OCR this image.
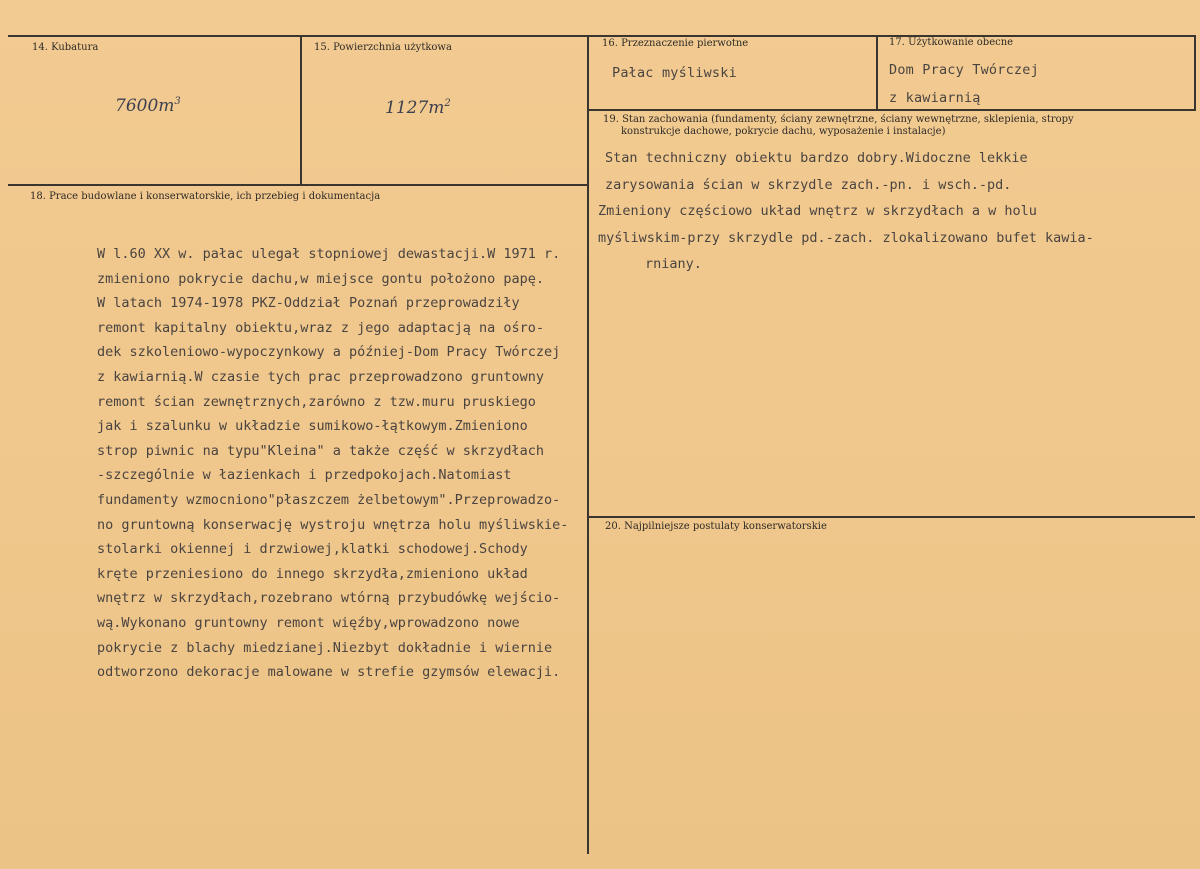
14. Kubatura
$7600m^3$
15. Powierzchnia użytkowa
$1127m^2$
16. Przeznaczenie pierwotne
Pałac myśliwski
17. Użytkowanie obecne
Dom Pracy Twórczej
z kawiarnią
18. Prace budowlane i konserwatorskie, ich przebieg i dokumentacja
W l.60 XX w. pałac ulegał stopniowej dewastacji.W 1971 r.
zmieniono pokrycie dachu,w miejsce gontu położono papę.
W latach 1974-1978 PKZ-Oddział Poznań przeprowadziły
remont kapitalny obiektu,wraz z jego adaptacją na ośro-
dek szkoleniowo-wypoczynkowy a później-Dom Pracy Twórczej
z kawiarnią.W czasie tych prac przeprowadzono gruntowny
remont ścian zewnętrznych,zarówno z tzw.muru pruskiego
jak i szalunku w układzie sumikowo-łątkowym.Zmieniono
strop piwnic na typu"Kleina" a także część w skrzydłach
-szczególnie w łazienkach i przedpokojach.Natomiast
fundamenty wzmocniono"płaszczem żelbetowym".Przeprowadzo-
no gruntowną konserwację wystroju wnętrza holu myśliwskie-
stolarki okiennej i drzwiowej,klatki schodowej.Schody
kręte przeniesiono do innego skrzydła,zmieniono układ
wnętrz w skrzydłach,rozebrano wtórną przybudówkę wejścio-
wą.Wykonano gruntowny remont więźby,wprowadzono nowe
pokrycie z blachy miedzianej.Niezbyt dokładnie i wiernie
odtworzono dekoracje malowane w strefie gzymsów elewacji.
19. Stan zachowania (fundamenty, ściany zewnętrzne, ściany wewnętrzne, sklepienia, stropy
konstrukcje dachowe, pokrycie dachu, wyposażenie i instalacje)
Stan techniczny obiektu bardzo dobry.Widoczne lekkie
zarysowania ścian w skrzydle zach.-pn. i wsch.-pd.
Zmieniony częściowo układ wnętrz w skrzydłach a w holu
myśliwskim-przy skrzydle pd.-zach. zlokalizowano bufet kawia-
rniany.
20. Najpilniejsze postulaty konserwatorskie
